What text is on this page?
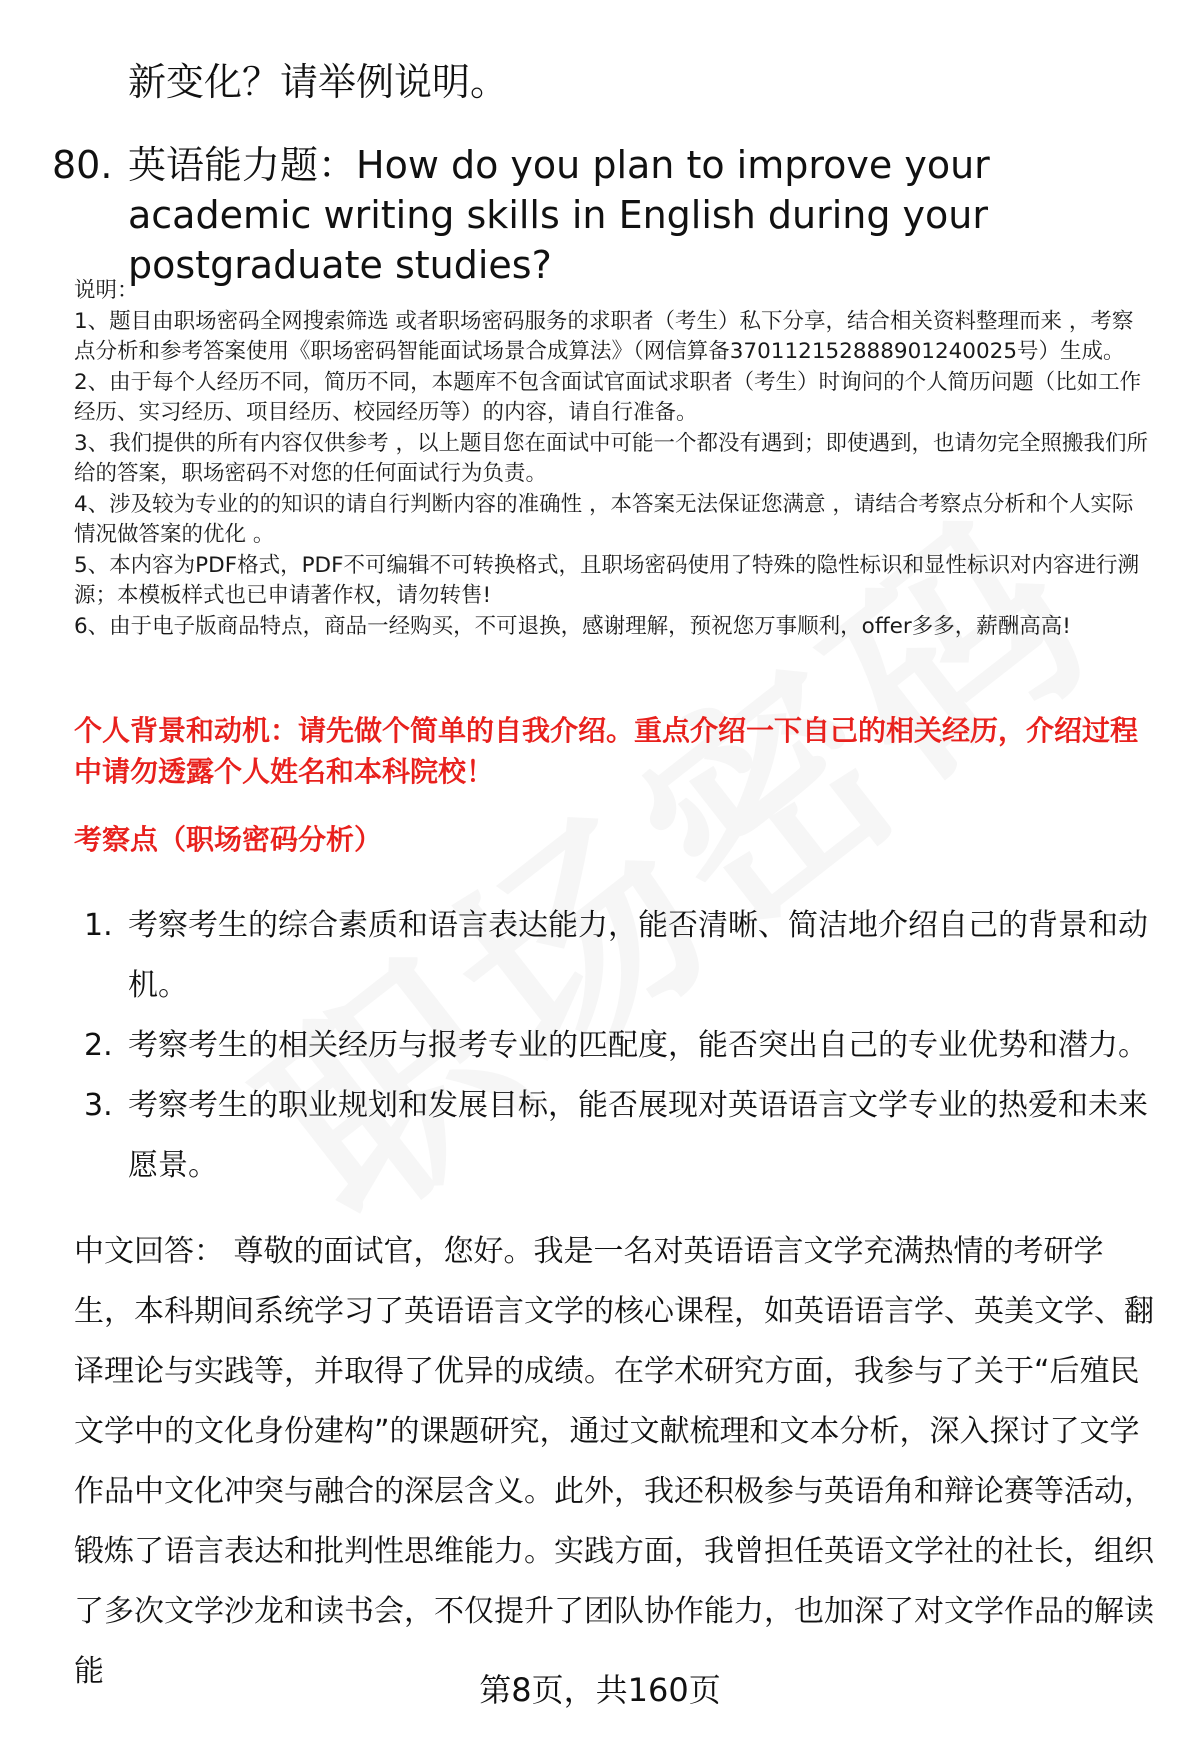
新变化？请举例说明。
80. 英语能力题：How do you plan to improve your academic writing skills in English during your postgraduate studies?

说明：

1、题目由职场密码全网搜索筛选 或者职场密码服务的求职者（考生）私下分享，结合相关资料整理而来 ，考察点分析和参考答案使用《职场密码智能面试场景合成算法》（网信算备370112152888901240025号）生成。

2、由于每个人经历不同，简历不同，本题库不包含面试官面试求职者（考生）时询问的个人简历问题（比如工作经历、实习经历、项目经历、校园经历等）的内容，请自行准备。

3、我们提供的所有内容仅供参考 ，以上题目您在面试中可能一个都没有遇到；即使遇到，也请勿完全照搬我们所给的答案，职场密码不对您的任何面试行为负责。

4、涉及较为专业的的知识的请自行判断内容的准确性 ，本答案无法保证您满意 ，请结合考察点分析和个人实际情况做答案的优化 。

5、本内容为PDF格式，PDF不可编辑不可转换格式，且职场密码使用了特殊的隐性标识和显性标识对内容进行溯源；本模板样式也已申请著作权，请勿转售!

6、由于电子版商品特点，商品一经购买，不可退换，感谢理解，预祝您万事顺利，offer多多，薪酬高高!

个人背景和动机：请先做个简单的自我介绍。重点介绍一下自己的相关经历，介绍过程中请勿透露个人姓名和本科院校！
考察点（职场密码分析）
1. 考察考生的综合素质和语言表达能力，能否清晰、简洁地介绍自己的背景和动机。
2. 考察考生的相关经历与报考专业的匹配度，能否突出自己的专业优势和潜力。
3. 考察考生的职业规划和发展目标，能否展现对英语语言文学专业的热爱和未来愿景。
中文回答： 尊敬的面试官，您好。我是一名对英语语言文学充满热情的考研学生，本科期间系统学习了英语语言文学的核心课程，如英语语言学、英美文学、翻译理论与实践等，并取得了优异的成绩。在学术研究方面，我参与了关于“后殖民文学中的文化身份建构”的课题研究，通过文献梳理和文本分析，深入探讨了文学作品中文化冲突与融合的深层含义。此外，我还积极参与英语角和辩论赛等活动，锻炼了语言表达和批判性思维能力。实践方面，我曾担任英语文学社的社长，组织了多次文学沙龙和读书会，不仅提升了团队协作能力，也加深了对文学作品的解读能	第8页，共160页
